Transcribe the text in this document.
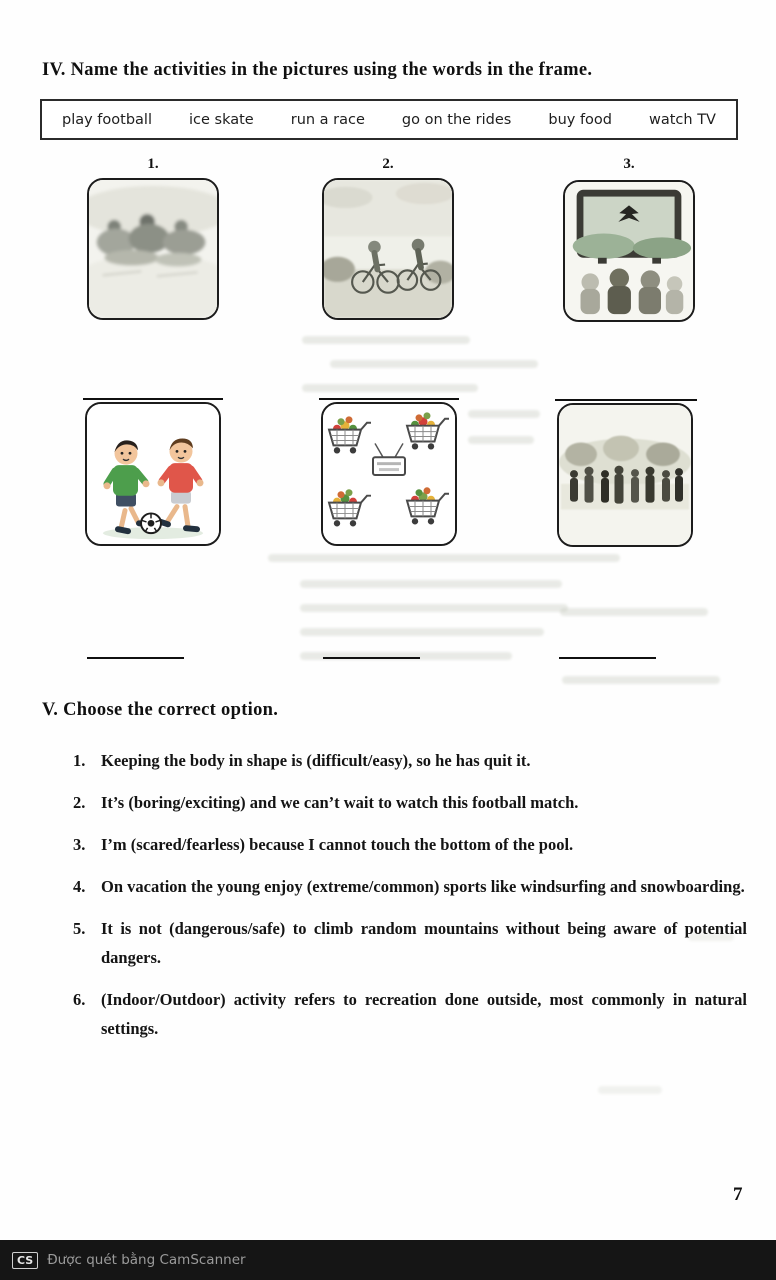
IV. Name the activities in the pictures using the words in the frame.
play football	ice skate	run a race	go on the rides	buy food	watch TV
1.	2.	3.
V. Choose the correct option.
1. Keeping the body in shape is (difficult/easy), so he has quit it.
2. It’s (boring/exciting) and we can’t wait to watch this football match.
3. I’m (scared/fearless) because I cannot touch the bottom of the pool.
4. On vacation the young enjoy (extreme/common) sports like windsurfing and snowboarding.
5. It is not (dangerous/safe) to climb random mountains without being aware of potential dangers.
6. (Indoor/Outdoor) activity refers to recreation done outside, most commonly in natural settings.
7
CS	Được quét bằng CamScanner
